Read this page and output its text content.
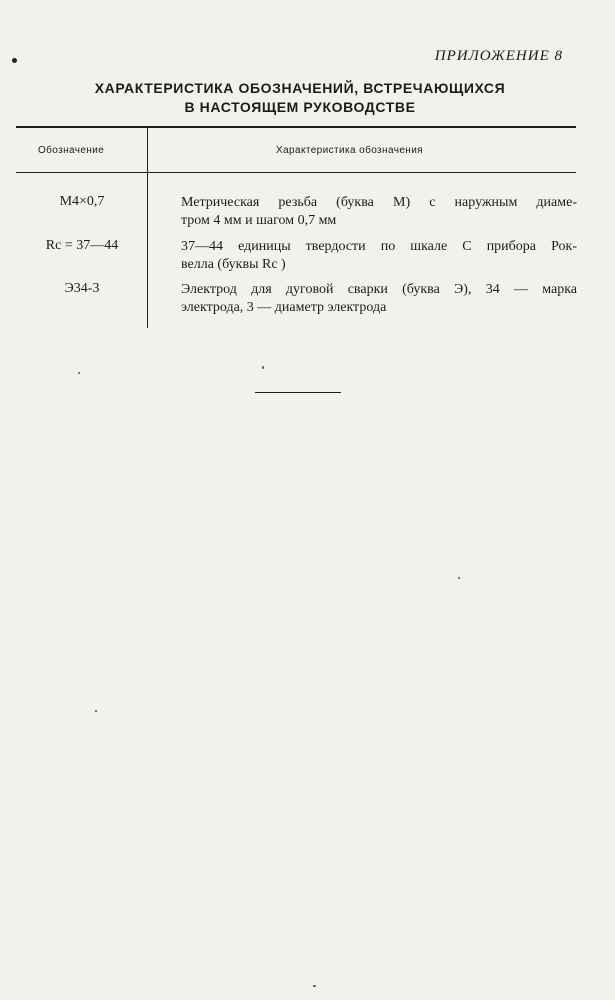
ПРИЛОЖЕНИЕ 8
ХАРАКТЕРИСТИКА ОБОЗНАЧЕНИЙ, ВСТРЕЧАЮЩИХСЯ
В НАСТОЯЩЕМ РУКОВОДСТВЕ
Обозначение	Характеристика обозначения
М4×0,7	Метрическая резьба (буква М) с наружным диаме-
тром 4 мм и шагом 0,7 мм
Rc = 37—44	37—44 единицы твердости по шкале С прибора Рок-
велла (буквы Rc )
Э34-3	Электрод для дуговой сварки (буква Э), 34 — марка
электрода, 3 — диаметр электрода
